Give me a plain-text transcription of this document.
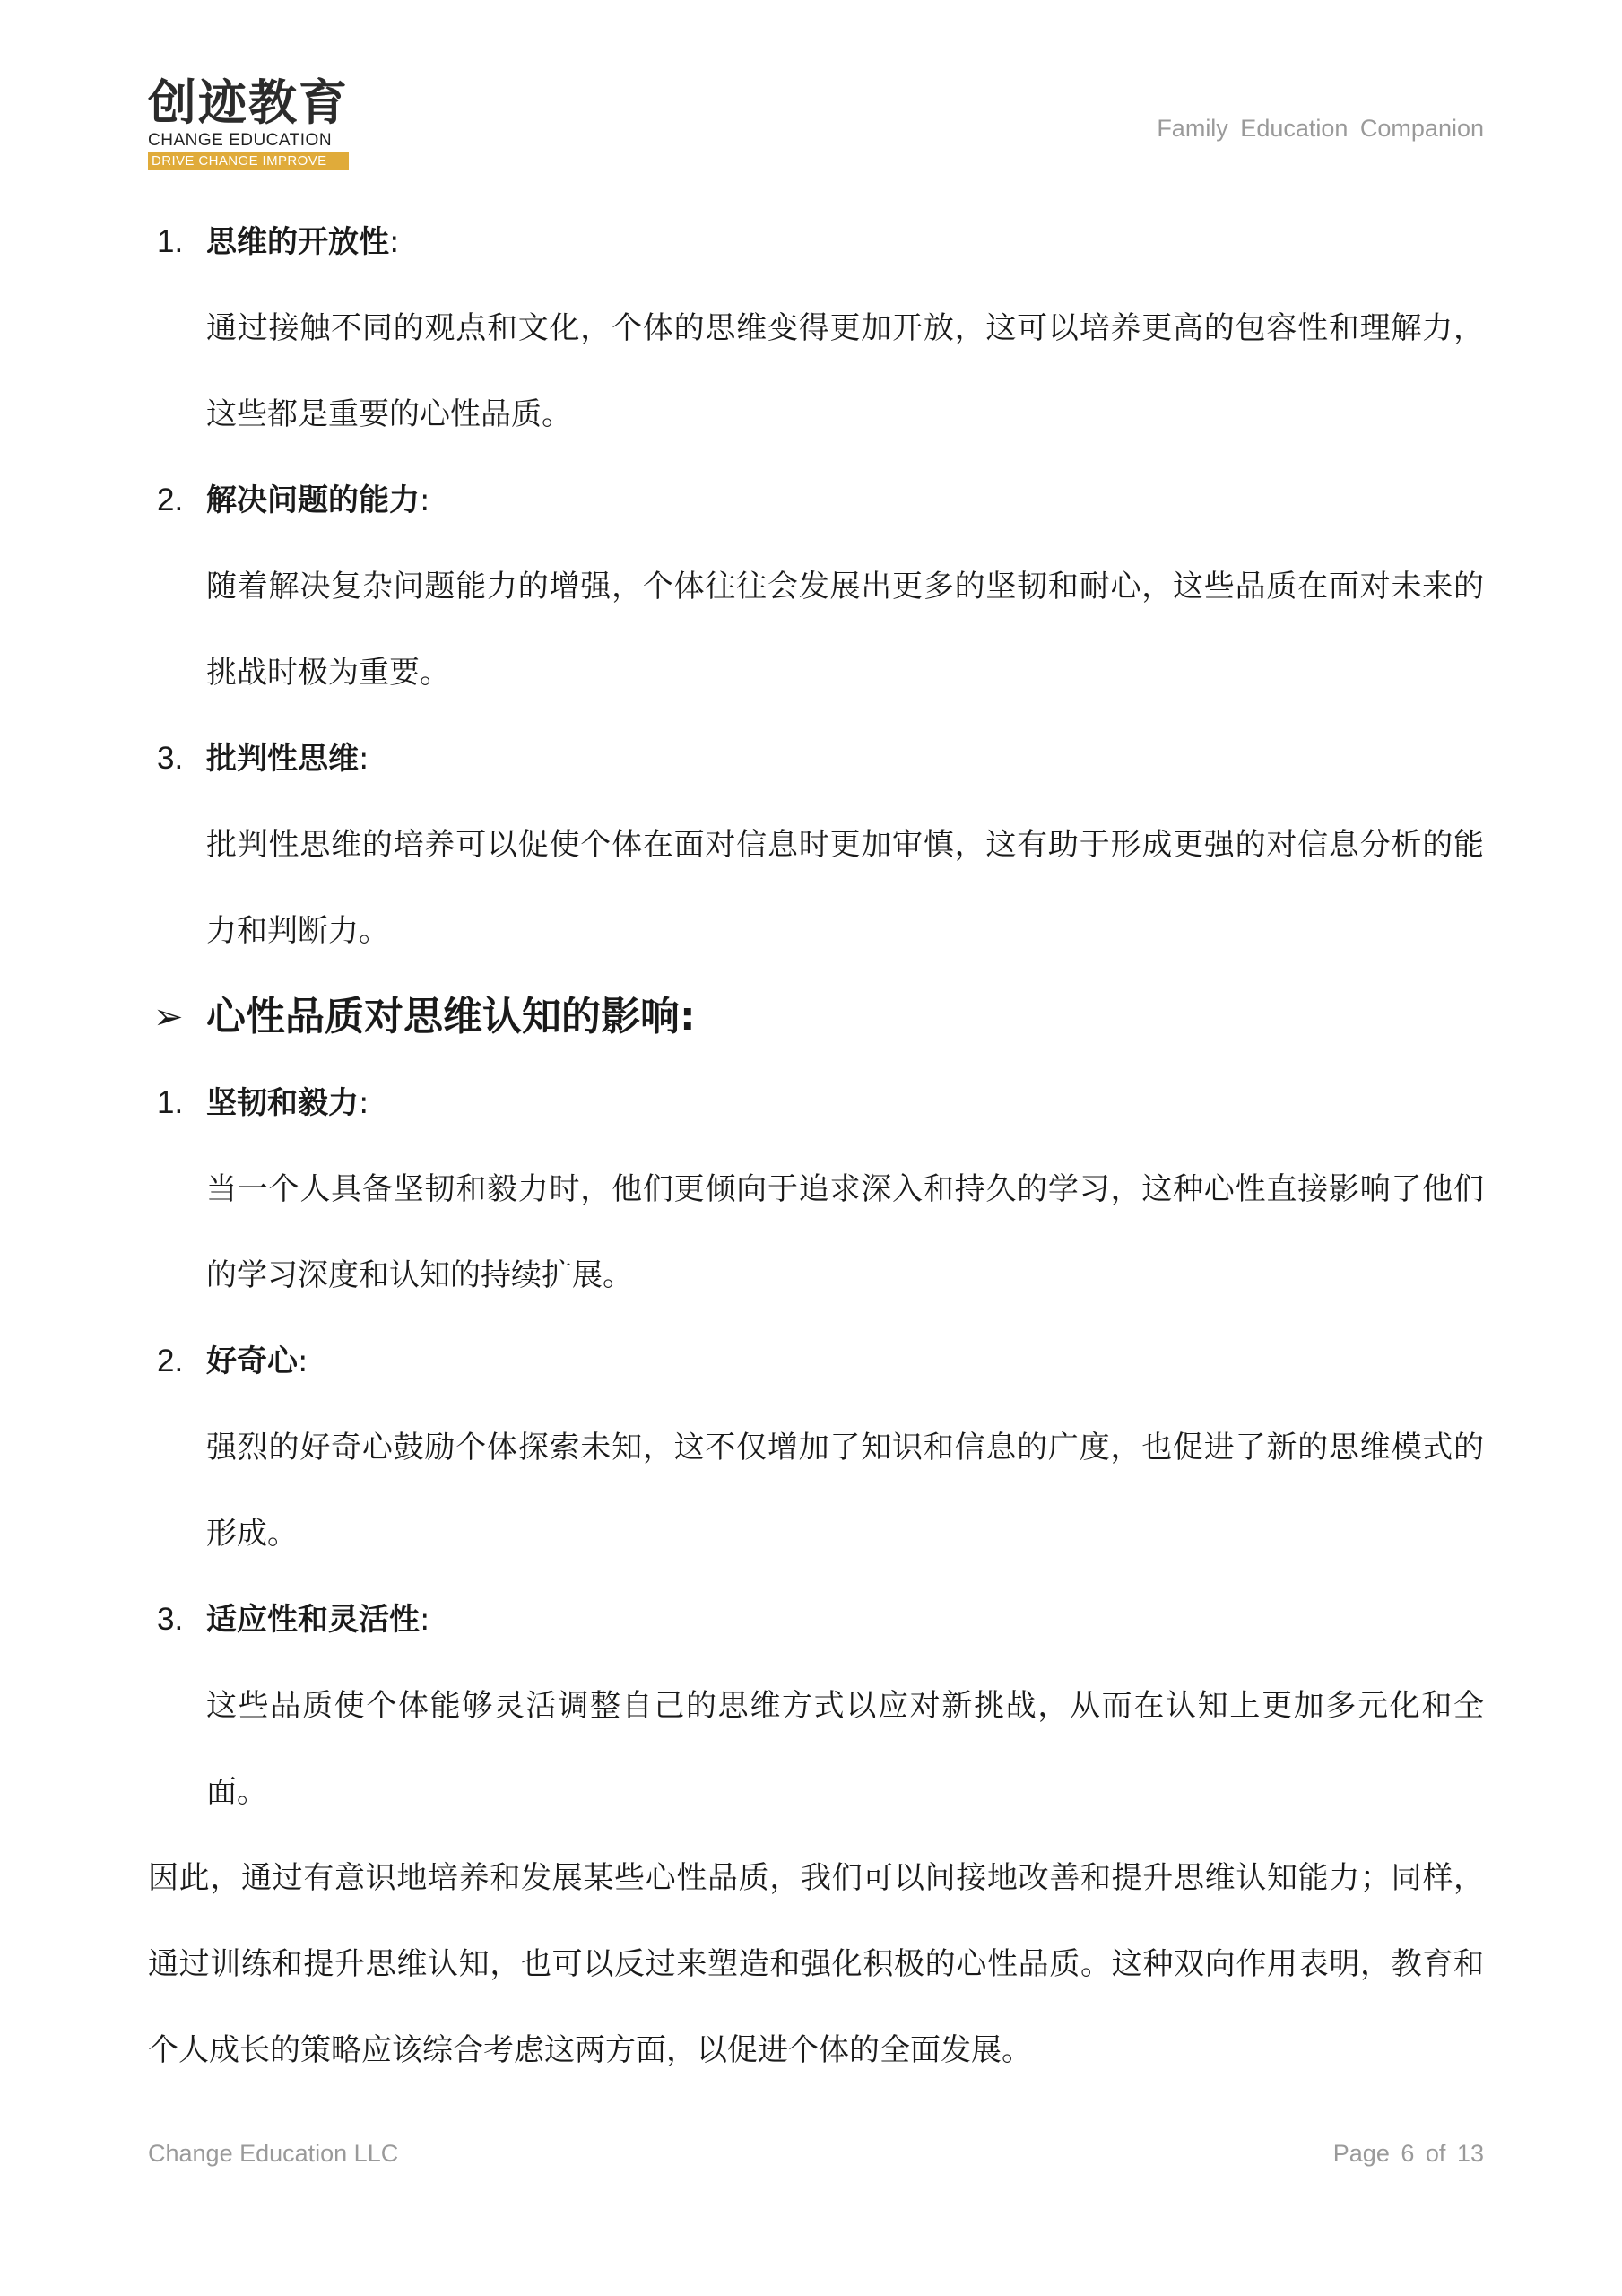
创迹教育
CHANGE EDUCATION
DRIVE CHANGE IMPROVE
Family Education Companion
1. 思维的开放性:
通过接触不同的观点和文化，个体的思维变得更加开放，这可以培养更高的包容性和理解力，这些都是重要的心性品质。
2. 解决问题的能力:
随着解决复杂问题能力的增强，个体往往会发展出更多的坚韧和耐心，这些品质在面对未来的挑战时极为重要。
3. 批判性思维:
批判性思维的培养可以促使个体在面对信息时更加审慎，这有助于形成更强的对信息分析的能力和判断力。
➢ 心性品质对思维认知的影响:
1. 坚韧和毅力:
当一个人具备坚韧和毅力时，他们更倾向于追求深入和持久的学习，这种心性直接影响了他们的学习深度和认知的持续扩展。
2. 好奇心:
强烈的好奇心鼓励个体探索未知，这不仅增加了知识和信息的广度，也促进了新的思维模式的形成。
3. 适应性和灵活性:
这些品质使个体能够灵活调整自己的思维方式以应对新挑战，从而在认知上更加多元化和全面。
因此，通过有意识地培养和发展某些心性品质，我们可以间接地改善和提升思维认知能力；同样，通过训练和提升思维认知，也可以反过来塑造和强化积极的心性品质。这种双向作用表明，教育和个人成长的策略应该综合考虑这两方面，以促进个体的全面发展。
Change Education LLC	Page 6 of 13
